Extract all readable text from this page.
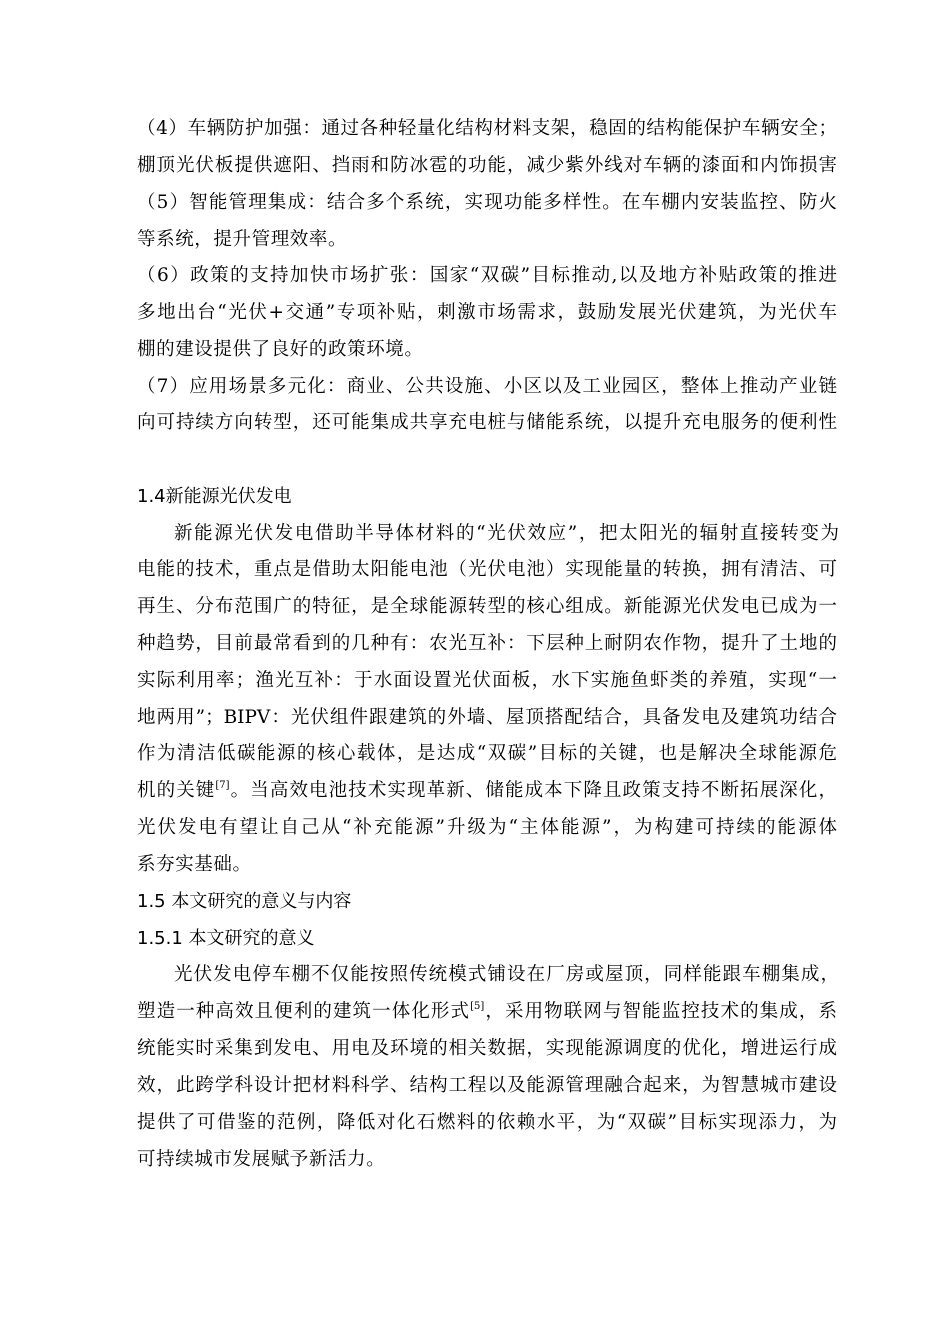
（4）车辆防护加强：通过各种轻量化结构材料支架，稳固的结构能保护车辆安全；
棚顶光伏板提供遮阳、挡雨和防冰雹的功能，减少紫外线对车辆的漆面和内饰损害
（5）智能管理集成：结合多个系统，实现功能多样性。在车棚内安装监控、防火
等系统，提升管理效率。
（6）政策的支持加快市场扩张：国家“双碳”目标推动,以及地方补贴政策的推进
多地出台“光伏+交通”专项补贴，刺激市场需求，鼓励发展光伏建筑，为光伏车
棚的建设提供了良好的政策环境。
（7）应用场景多元化：商业、公共设施、小区以及工业园区，整体上推动产业链
向可持续方向转型，还可能集成共享充电桩与储能系统，以提升充电服务的便利性
1.4新能源光伏发电
新能源光伏发电借助半导体材料的“光伏效应”，把太阳光的辐射直接转变为
电能的技术，重点是借助太阳能电池（光伏电池）实现能量的转换，拥有清洁、可
再生、分布范围广的特征，是全球能源转型的核心组成。新能源光伏发电已成为一
种趋势，目前最常看到的几种有：农光互补：下层种上耐阴农作物，提升了土地的
实际利用率；渔光互补：于水面设置光伏面板，水下实施鱼虾类的养殖，实现“一
地两用”；BIPV：光伏组件跟建筑的外墙、屋顶搭配结合，具备发电及建筑功结合
作为清洁低碳能源的核心载体，是达成“双碳”目标的关键，也是解决全球能源危
机的关键[7]。当高效电池技术实现革新、储能成本下降且政策支持不断拓展深化，
光伏发电有望让自己从“补充能源”升级为“主体能源”，为构建可持续的能源体
系夯实基础。
1.5 本文研究的意义与内容
1.5.1 本文研究的意义
光伏发电停车棚不仅能按照传统模式铺设在厂房或屋顶，同样能跟车棚集成，
塑造一种高效且便利的建筑一体化形式[5]，采用物联网与智能监控技术的集成，系
统能实时采集到发电、用电及环境的相关数据，实现能源调度的优化，增进运行成
效，此跨学科设计把材料科学、结构工程以及能源管理融合起来，为智慧城市建设
提供了可借鉴的范例，降低对化石燃料的依赖水平，为“双碳”目标实现添力，为
可持续城市发展赋予新活力。
